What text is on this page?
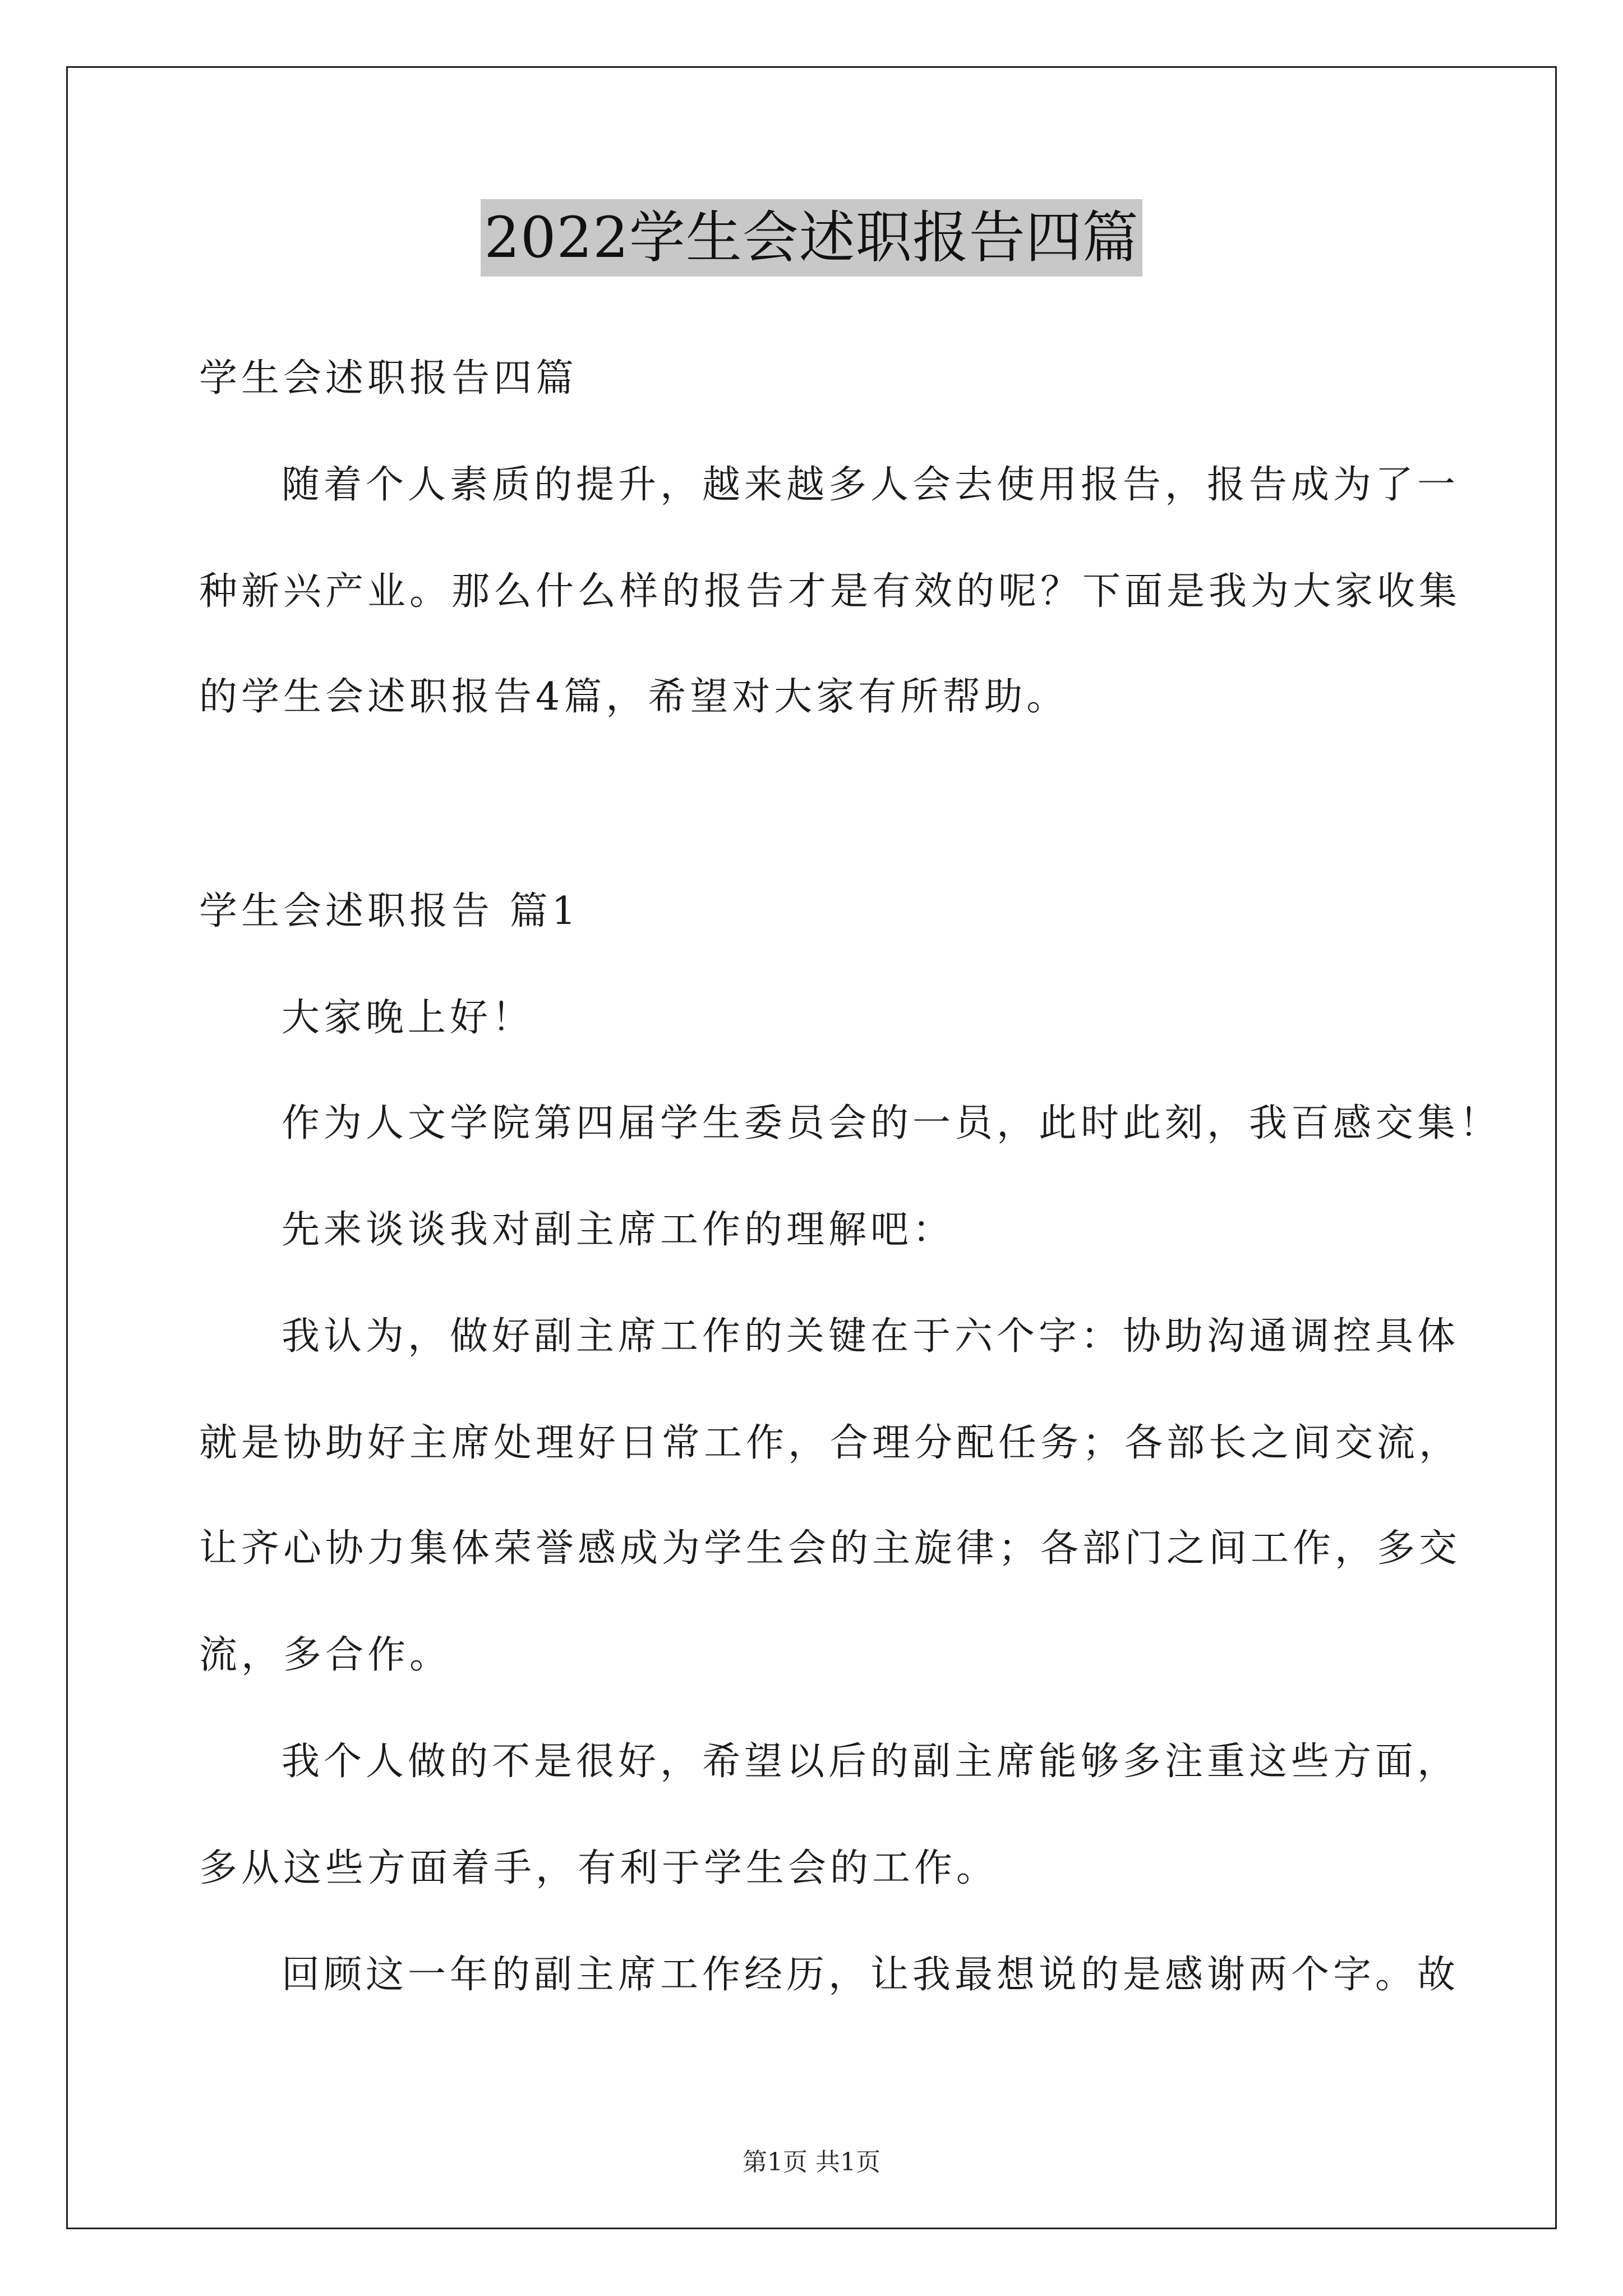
2022学生会述职报告四篇
学生会述职报告四篇
随着个人素质的提升，越来越多人会去使用报告，报告成为了一
种新兴产业。那么什么样的报告才是有效的呢？下面是我为大家收集
的学生会述职报告4篇，希望对大家有所帮助。
学生会述职报告 篇1
大家晚上好！
作为人文学院第四届学生委员会的一员，此时此刻，我百感交集！
先来谈谈我对副主席工作的理解吧：
我认为，做好副主席工作的关键在于六个字：协助沟通调控具体
就是协助好主席处理好日常工作，合理分配任务；各部长之间交流，
让齐心协力集体荣誉感成为学生会的主旋律；各部门之间工作，多交
流，多合作。
我个人做的不是很好，希望以后的副主席能够多注重这些方面，
多从这些方面着手，有利于学生会的工作。
回顾这一年的副主席工作经历，让我最想说的是感谢两个字。故
第1页 共1页
